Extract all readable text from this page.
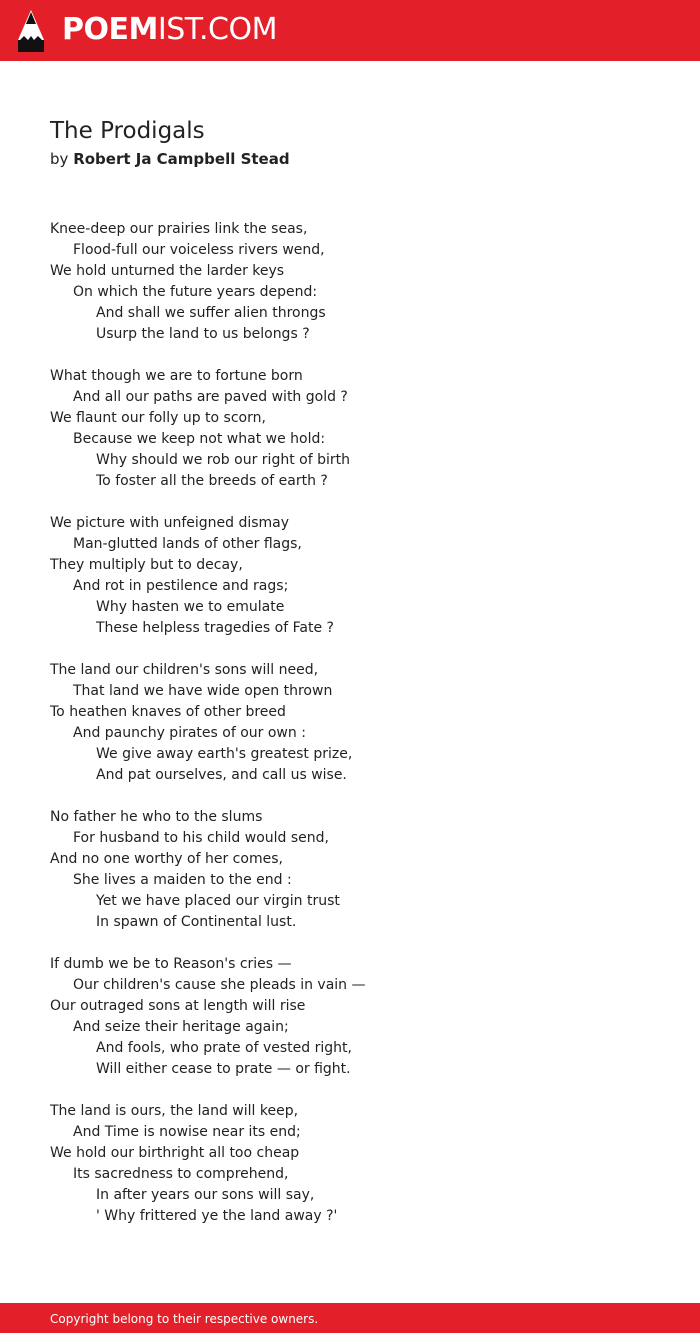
POEMIST.COM
The Prodigals
by Robert Ja Campbell Stead
Knee-deep our prairies link the seas,
Flood-full our voiceless rivers wend,
We hold unturned the larder keys
On which the future years depend:
And shall we suffer alien throngs
Usurp the land to us belongs ?
What though we are to fortune born
And all our paths are paved with gold ?
We flaunt our folly up to scorn,
Because we keep not what we hold:
Why should we rob our right of birth
To foster all the breeds of earth ?
We picture with unfeigned dismay
Man-glutted lands of other flags,
They multiply but to decay,
And rot in pestilence and rags;
Why hasten we to emulate
These helpless tragedies of Fate ?
The land our children's sons will need,
That land we have wide open thrown
To heathen knaves of other breed
And paunchy pirates of our own :
We give away earth's greatest prize,
And pat ourselves, and call us wise.
No father he who to the slums
For husband to his child would send,
And no one worthy of her comes,
She lives a maiden to the end :
Yet we have placed our virgin trust
In spawn of Continental lust.
If dumb we be to Reason's cries —
Our children's cause she pleads in vain —
Our outraged sons at length will rise
And seize their heritage again;
And fools, who prate of vested right,
Will either cease to prate — or fight.
The land is ours, the land will keep,
And Time is nowise near its end;
We hold our birthright all too cheap
Its sacredness to comprehend,
In after years our sons will say,
' Why frittered ye the land away ?'
Copyright belong to their respective owners.
